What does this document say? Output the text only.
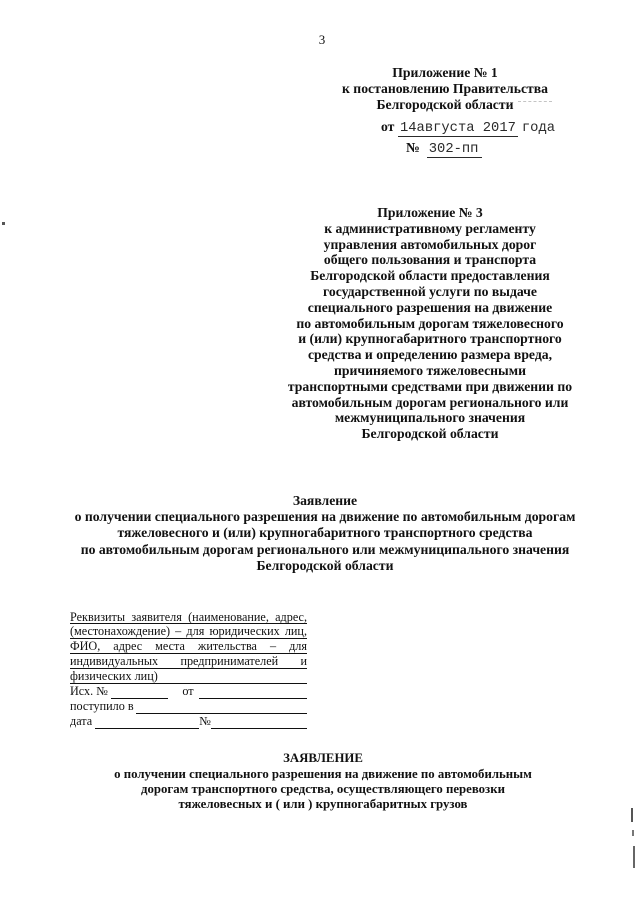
3
Приложение № 1
к постановлению Правительства
Белгородской области
от 14августа 2017 года
№ 302-пп
Приложение № 3
к административному регламенту
управления автомобильных дорог
общего пользования и транспорта
Белгородской области предоставления
государственной услуги по выдаче
специального разрешения на движение
по автомобильным дорогам тяжеловесного
и (или) крупногабаритного транспортного
средства и определению размера вреда,
причиняемого тяжеловесными
транспортными средствами при движении по
автомобильным дорогам регионального или
межмуниципального значения
Белгородской области
Заявление
о получении специального разрешения на движение по автомобильным дорогам
тяжеловесного и (или) крупногабаритного транспортного средства
по автомобильным дорогам регионального или межмуниципального значения
Белгородской области
Реквизиты заявителя (наименование, адрес,
(местонахождение) – для юридических лиц,
ФИО, адрес места жительства – для
индивидуальных предпринимателей и
физических лиц)
Исх. №	от
поступило в
дата	№
ЗАЯВЛЕНИЕ
о получении специального разрешения на движение по автомобильным
дорогам транспортного средства, осуществляющего перевозки
тяжеловесных и ( или ) крупногабаритных грузов
